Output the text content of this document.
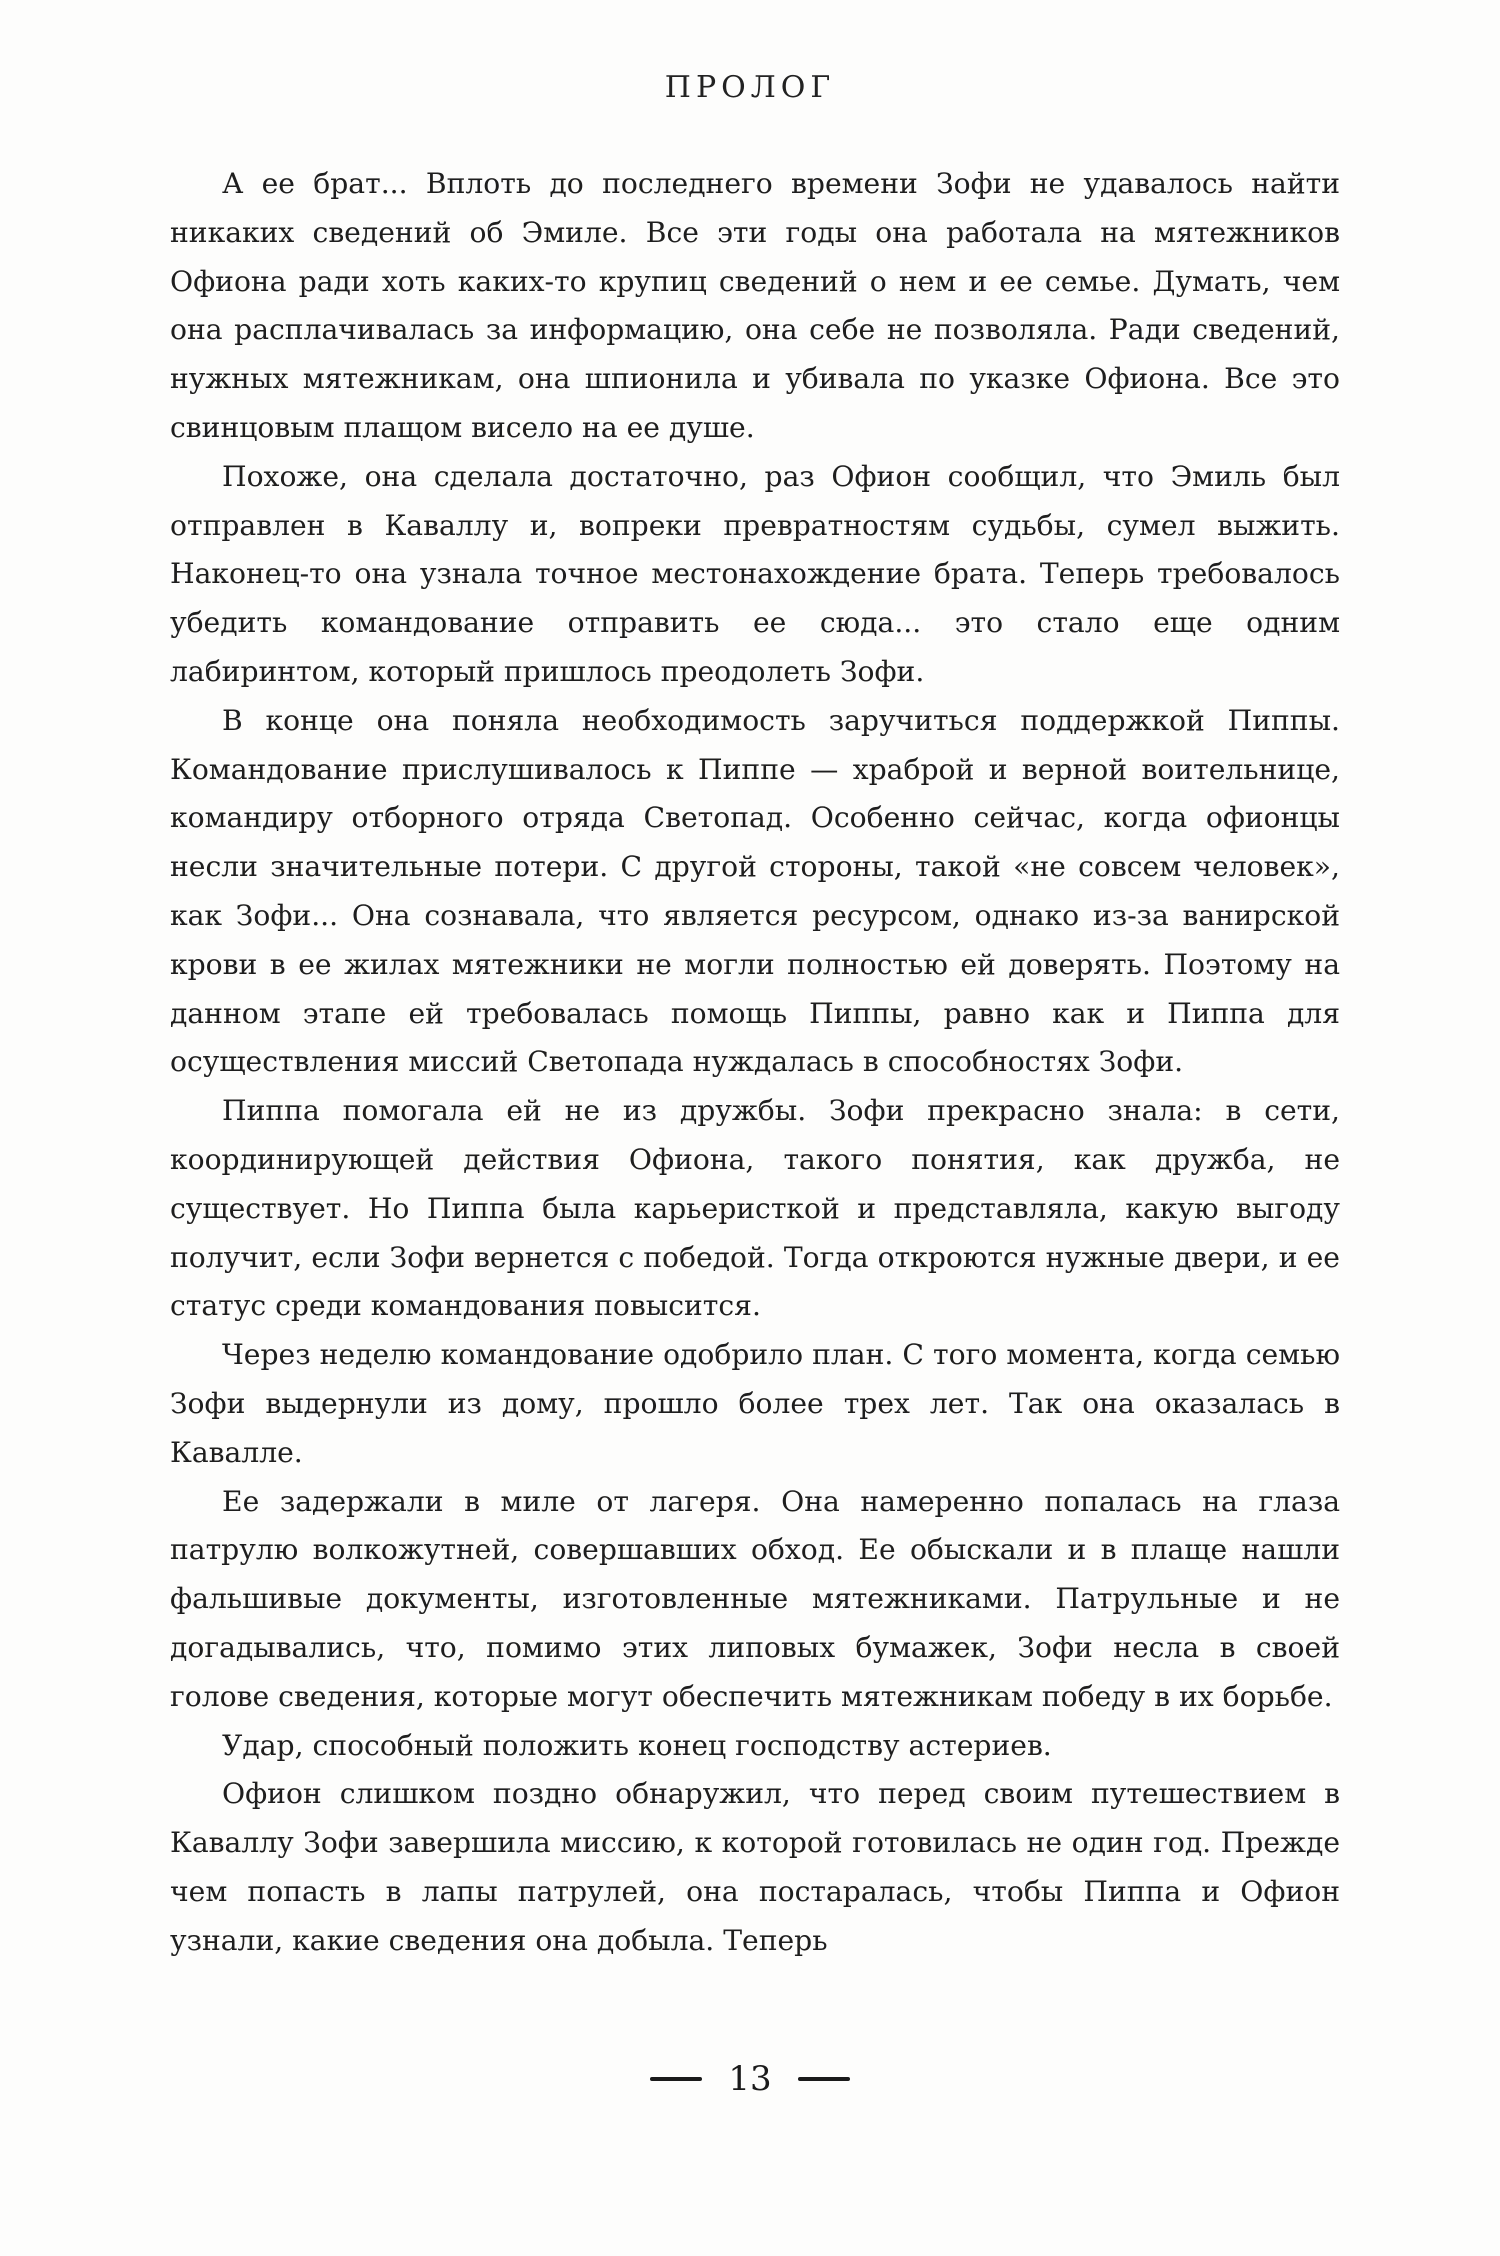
ПРОЛОГ

А ее брат... Вплоть до последнего времени Зофи не удавалось найти никаких сведений об Эмиле. Все эти годы она работала на мятежников Офиона ради хоть каких-то крупиц сведений о нем и ее семье. Думать, чем она расплачивалась за информацию, она себе не позволяла. Ради сведений, нужных мятежникам, она шпионила и убивала по указке Офиона. Все это свинцовым плащом висело на ее душе.

Похоже, она сделала достаточно, раз Офион сообщил, что Эмиль был отправлен в Каваллу и, вопреки превратностям судьбы, сумел выжить. Наконец-то она узнала точное местонахождение брата. Теперь требовалось убедить командование отправить ее сюда... это стало еще одним лабиринтом, который пришлось преодолеть Зофи.

В конце она поняла необходимость заручиться поддержкой Пиппы. Командование прислушивалось к Пиппе — храброй и верной воительнице, командиру отборного отряда Светопад. Особенно сейчас, когда офионцы несли значительные потери. С другой стороны, такой «не совсем человек», как Зофи... Она сознавала, что является ресурсом, однако из-за ванирской крови в ее жилах мятежники не могли полностью ей доверять. Поэтому на данном этапе ей требовалась помощь Пиппы, равно как и Пиппа для осуществления миссий Светопада нуждалась в способностях Зофи.

Пиппа помогала ей не из дружбы. Зофи прекрасно знала: в сети, координирующей действия Офиона, такого понятия, как дружба, не существует. Но Пиппа была карьеристкой и представляла, какую выгоду получит, если Зофи вернется с победой. Тогда откроются нужные двери, и ее статус среди командования повысится.

Через неделю командование одобрило план. С того момента, когда семью Зофи выдернули из дому, прошло более трех лет. Так она оказалась в Кавалле.

Ее задержали в миле от лагеря. Она намеренно попалась на глаза патрулю волкожутней, совершавших обход. Ее обыскали и в плаще нашли фальшивые документы, изготовленные мятежниками. Патрульные и не догадывались, что, помимо этих липовых бумажек, Зофи несла в своей голове сведения, которые могут обеспечить мятежникам победу в их борьбе.

Удар, способный положить конец господству астериев.

Офион слишком поздно обнаружил, что перед своим путешествием в Каваллу Зофи завершила миссию, к которой готовилась не один год. Прежде чем попасть в лапы патрулей, она постаралась, чтобы Пиппа и Офион узнали, какие сведения она добыла. Теперь

13
